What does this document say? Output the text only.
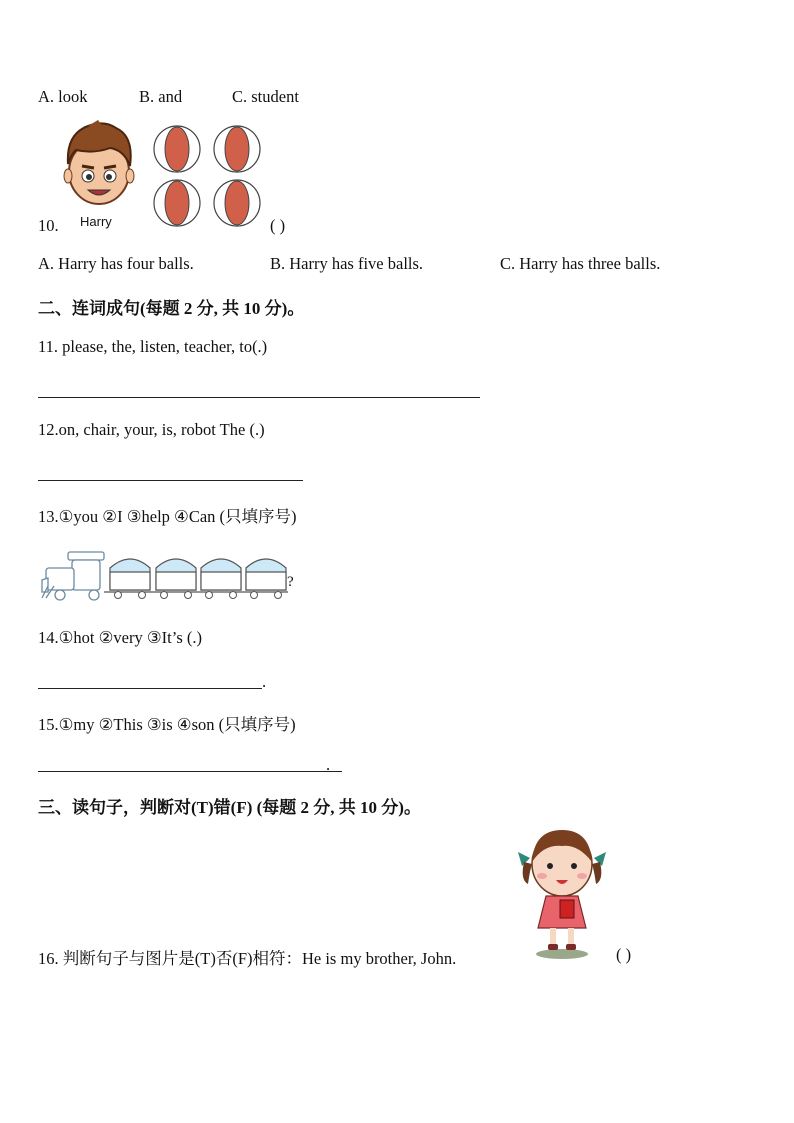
A. look	B. and	C. student
Harry
10.	( )
A. Harry has four balls.	B. Harry has five balls.	C. Harry has three balls.
二、连词成句(每题 2 分, 共 10 分)。
11. please, the, listen, teacher, to(.)
12.on, chair, your, is, robot The (.)
13.①you ②I ③help ④Can (只填序号)
?
14.①hot ②very ③It’s (.)
.
15.①my ②This ③is ④son (只填序号)
.
三、读句子，判断对(T)错(F) (每题 2 分, 共 10 分)。
16. 判断句子与图片是(T)否(F)相符：He is my brother, John.	( )
